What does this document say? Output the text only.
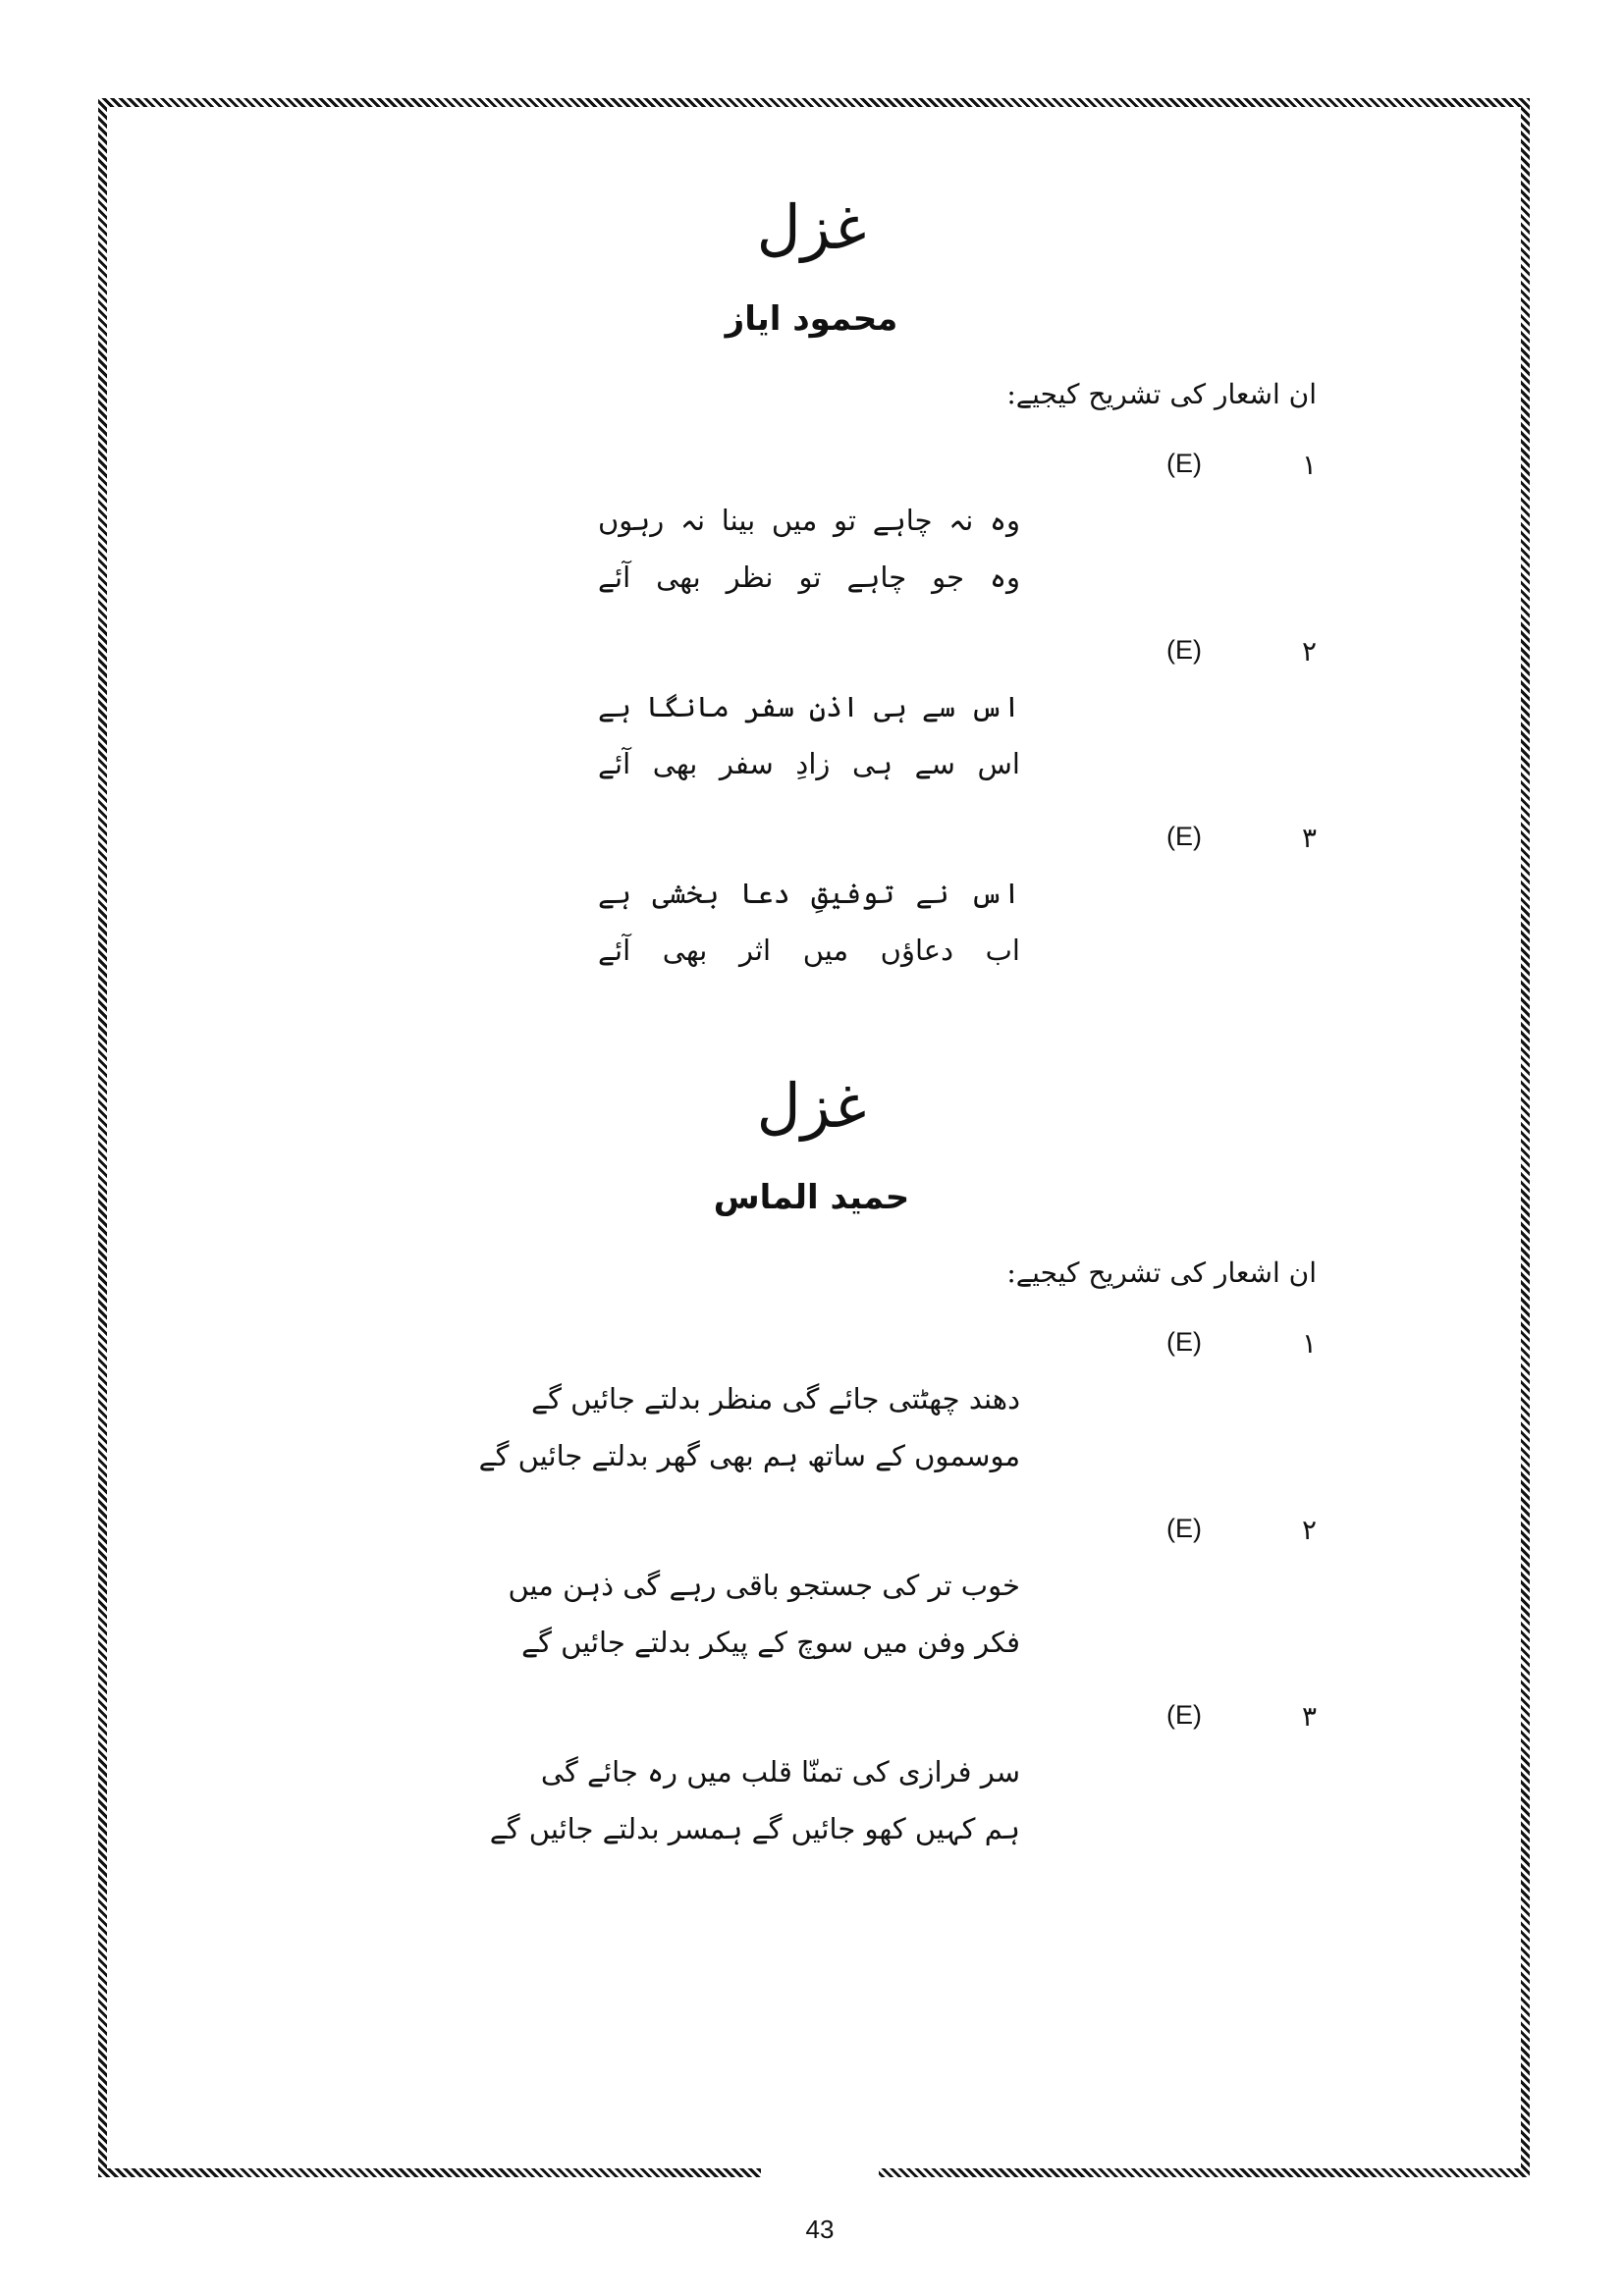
غزل
محمود ایاز
ان اشعار کی تشریح کیجیے:
۱
(E)
وہ نہ چاہے تو میں بینا نہ رہوں
وہ جو چاہے تو نظر بھی آئے
۲
(E)
اس سے ہی اذنِ سفر مانگا ہے
اس سے ہی زادِ سفر بھی آئے
۳
(E)
اس نے توفیقِ دعا بخشی ہے
اب دعاؤں میں اثر بھی آئے
غزل
حمید الماس
ان اشعار کی تشریح کیجیے:
۱
(E)
دھند چھٹتی جائے گی منظر بدلتے جائیں گے
موسموں کے ساتھ ہم بھی گھر بدلتے جائیں گے
۲
(E)
خوب تر کی جستجو باقی رہے گی ذہن میں
فکر وفن میں سوچ کے پیکر بدلتے جائیں گے
۳
(E)
سر فرازی کی تمنّا قلب میں رہ جائے گی
ہم کہیں کھو جائیں گے ہمسر بدلتے جائیں گے
43
